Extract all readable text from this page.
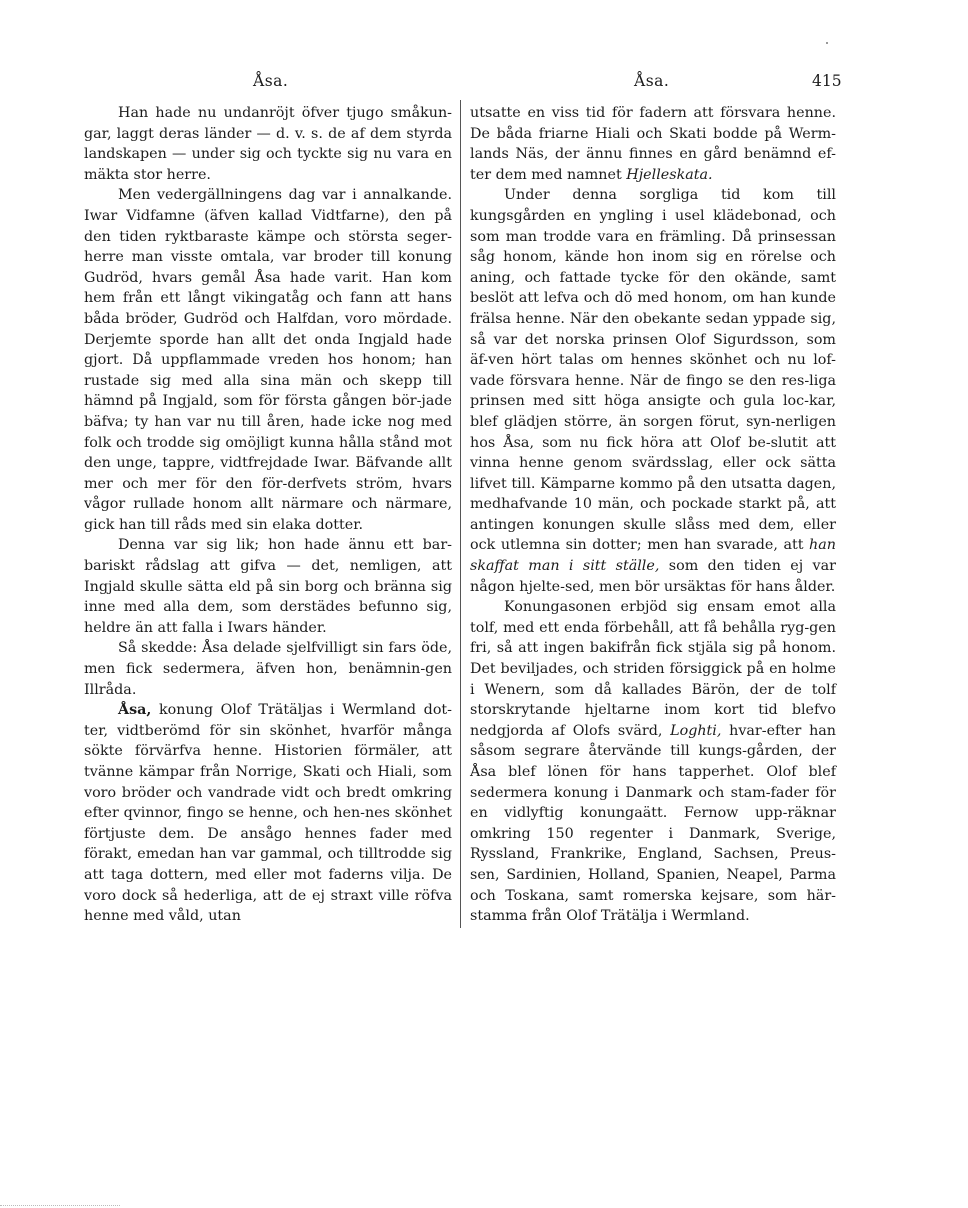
Åsa.	Åsa.	415

Han hade nu undanröjt öfver tjugo småkun-gar, laggt deras länder — d. v. s. de af dem styrda landskapen — under sig och tyckte sig nu vara en mäkta stor herre.

Men vedergällningens dag var i annalkande. Iwar Vidfamne (äfven kallad Vidtfarne), den på den tiden ryktbaraste kämpe och största seger-herre man visste omtala, var broder till konung Gudröd, hvars gemål Åsa hade varit. Han kom hem från ett långt vikingatåg och fann att hans båda bröder, Gudröd och Halfdan, voro mördade. Derjemte sporde han allt det onda Ingjald hade gjort. Då uppflammade vreden hos honom; han rustade sig med alla sina män och skepp till hämnd på Ingjald, som för första gången bör-jade bäfva; ty han var nu till åren, hade icke nog med folk och trodde sig omöjligt kunna hålla stånd mot den unge, tappre, vidtfrejdade Iwar. Bäfvande allt mer och mer för den för-derfvets ström, hvars vågor rullade honom allt närmare och närmare, gick han till råds med sin elaka dotter.

Denna var sig lik; hon hade ännu ett bar-bariskt rådslag att gifva — det, nemligen, att Ingjald skulle sätta eld på sin borg och bränna sig inne med alla dem, som derstädes befunno sig, heldre än att falla i Iwars händer.

Så skedde: Åsa delade sjelfvilligt sin fars öde, men fick sedermera, äfven hon, benämnin-gen Illråda.

Åsa, konung Olof Trätäljas i Wermland dot-ter, vidtberömd för sin skönhet, hvarför många sökte förvärfva henne. Historien förmäler, att tvänne kämpar från Norrige, Skati och Hiali, som voro bröder och vandrade vidt och bredt omkring efter qvinnor, fingo se henne, och hen-nes skönhet förtjuste dem. De ansågo hennes fader med förakt, emedan han var gammal, och tilltrodde sig att taga dottern, med eller mot faderns vilja. De voro dock så hederliga, att de ej straxt ville röfva henne med våld, utan

utsatte en viss tid för fadern att försvara henne. De båda friarne Hiali och Skati bodde på Werm-lands Näs, der ännu finnes en gård benämnd ef-ter dem med namnet Hjelleskata.

Under denna sorgliga tid kom till kungsgården en yngling i usel klädebonad, och som man trodde vara en främling. Då prinsessan såg honom, kände hon inom sig en rörelse och aning, och fattade tycke för den okände, samt beslöt att lefva och dö med honom, om han kunde frälsa henne. När den obekante sedan yppade sig, så var det norska prinsen Olof Sigurdsson, som äf-ven hört talas om hennes skönhet och nu lof-vade försvara henne. När de fingo se den res-liga prinsen med sitt höga ansigte och gula loc-kar, blef glädjen större, än sorgen förut, syn-nerligen hos Åsa, som nu fick höra att Olof be-slutit att vinna henne genom svärdsslag, eller ock sätta lifvet till. Kämparne kommo på den utsatta dagen, medhafvande 10 män, och pockade starkt på, att antingen konungen skulle slåss med dem, eller ock utlemna sin dotter; men han svarade, att han skaffat man i sitt ställe, som den tiden ej var någon hjelte-sed, men bör ursäktas för hans ålder.

Konungasonen erbjöd sig ensam emot alla tolf, med ett enda förbehåll, att få behålla ryg-gen fri, så att ingen bakifrån fick stjäla sig på honom. Det beviljades, och striden försiggick på en holme i Wenern, som då kallades Bärön, der de tolf storskrytande hjeltarne inom kort tid blefvo nedgjorda af Olofs svärd, Loghti, hvar-efter han såsom segrare återvände till kungs-gården, der Åsa blef lönen för hans tapperhet. Olof blef sedermera konung i Danmark och stam-fader för en vidlyftig konungaätt. Fernow upp-räknar omkring 150 regenter i Danmark, Sverige, Ryssland, Frankrike, England, Sachsen, Preus-sen, Sardinien, Holland, Spanien, Neapel, Parma och Toskana, samt romerska kejsare, som här-stamma från Olof Trätälja i Wermland.
